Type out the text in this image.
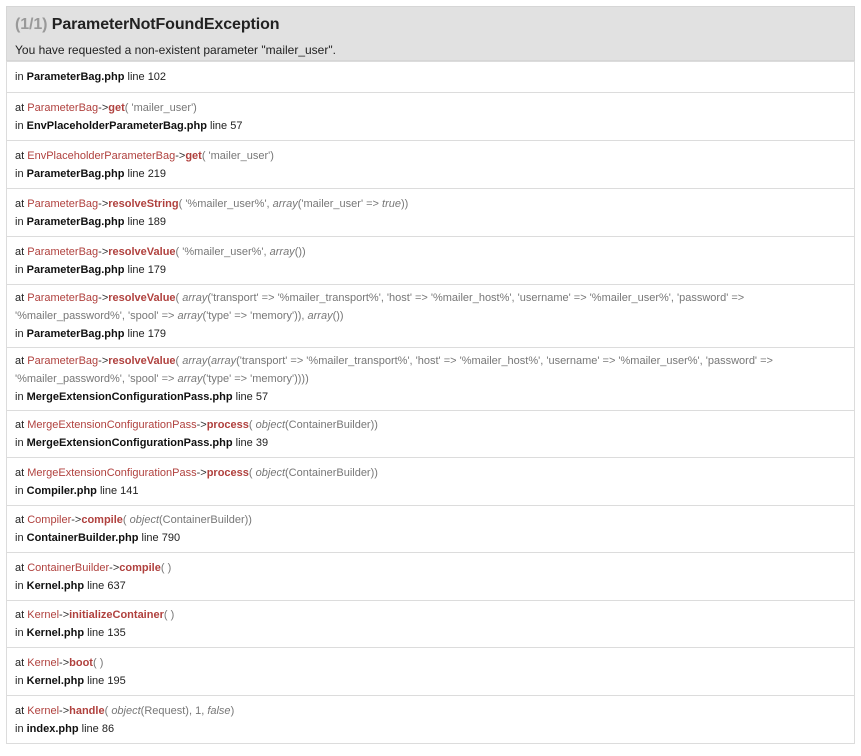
(1/1) ParameterNotFoundException
You have requested a non-existent parameter "mailer_user".
in ParameterBag.php line 102
at ParameterBag->get( 'mailer_user')
in EnvPlaceholderParameterBag.php line 57
at EnvPlaceholderParameterBag->get( 'mailer_user')
in ParameterBag.php line 219
at ParameterBag->resolveString( '%mailer_user%', array('mailer_user' => true))
in ParameterBag.php line 189
at ParameterBag->resolveValue( '%mailer_user%', array())
in ParameterBag.php line 179
at ParameterBag->resolveValue( array('transport' => '%mailer_transport%', 'host' => '%mailer_host%', 'username' => '%mailer_user%', 'password' => '%mailer_password%', 'spool' => array('type' => 'memory')), array())
in ParameterBag.php line 179
at ParameterBag->resolveValue( array(array('transport' => '%mailer_transport%', 'host' => '%mailer_host%', 'username' => '%mailer_user%', 'password' => '%mailer_password%', 'spool' => array('type' => 'memory'))))
in MergeExtensionConfigurationPass.php line 57
at MergeExtensionConfigurationPass->process( object(ContainerBuilder))
in MergeExtensionConfigurationPass.php line 39
at MergeExtensionConfigurationPass->process( object(ContainerBuilder))
in Compiler.php line 141
at Compiler->compile( object(ContainerBuilder))
in ContainerBuilder.php line 790
at ContainerBuilder->compile( )
in Kernel.php line 637
at Kernel->initializeContainer( )
in Kernel.php line 135
at Kernel->boot( )
in Kernel.php line 195
at Kernel->handle( object(Request), 1, false)
in index.php line 86
